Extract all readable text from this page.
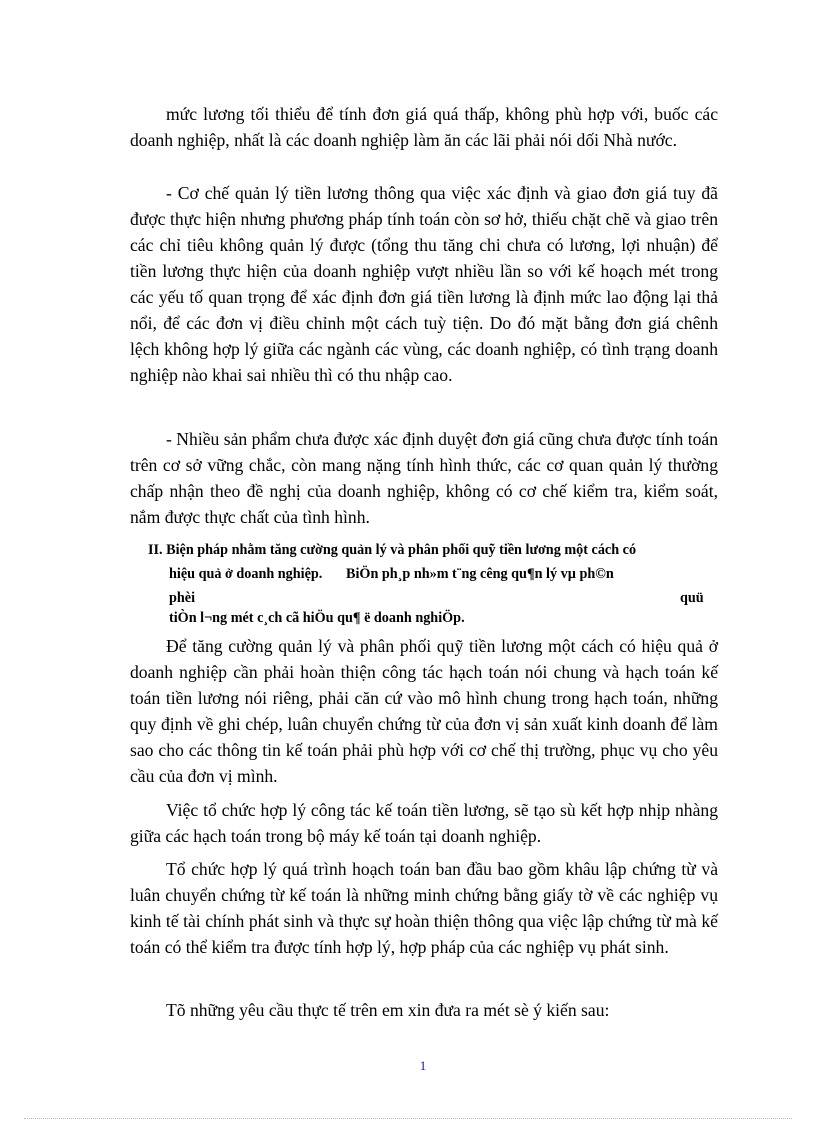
mức lương tối thiểu để tính đơn giá quá thấp, không phù hợp với, buốc các doanh nghiệp, nhất là các doanh nghiệp làm ăn các lãi phải nói dối Nhà nước.

- Cơ chế quản lý tiền lương thông qua việc xác định và giao đơn giá tuy đã được thực hiện nhưng phương pháp tính toán còn sơ hở, thiếu chặt chẽ và giao trên các chỉ tiêu không quản lý được (tổng thu tăng chi chưa có lương, lợi nhuận) để tiền lương thực hiện của doanh nghiệp vượt nhiều lần so với kế hoạch mét trong các yếu tố quan trọng để xác định đơn giá tiền lương là định mức lao động lại thả nổi, để các đơn vị điều chỉnh một cách tuỳ tiện. Do đó mặt bằng đơn giá chênh lệch không hợp lý giữa các ngành các vùng, các doanh nghiệp, có tình trạng doanh nghiệp nào khai sai nhiều thì có thu nhập cao.

- Nhiều sản phẩm chưa được xác định duyệt đơn giá cũng chưa được tính toán trên cơ sở vững chắc, còn mang nặng tính hình thức, các cơ quan quản lý thường chấp nhận theo đề nghị của doanh nghiệp, không có cơ chế kiểm tra, kiểm soát, nắm được thực chất của tình hình.

II. Biện pháp nhằm tăng cường quản lý và phân phối quỹ tiền lương một cách có

hiệu quả ở doanh nghiệp.	BiÖn ph¸p nh»m t¨ng cêng qu¶n lý vµ ph©n

phèi	quü

tiÒn l¬ng mét c¸ch cã hiÖu qu¶ ë doanh nghiÖp.

Để tăng cường quản lý và phân phối quỹ tiền lương một cách có hiệu quả ở doanh nghiệp cần phải hoàn thiện công tác hạch toán nói chung và hạch toán kế toán tiền lương nói riêng, phải căn cứ vào mô hình chung trong hạch toán, những quy định về ghi chép, luân chuyển chứng từ của đơn vị sản xuất kinh doanh để làm sao cho các thông tin kế toán phải phù hợp với cơ chế thị trường, phục vụ cho yêu cầu của đơn vị mình.

Việc tổ chức hợp lý công tác kế toán tiền lương, sẽ tạo sù kết hợp nhịp nhàng giữa các hạch toán trong bộ máy kế toán tại doanh nghiệp.

Tổ chức hợp lý quá trình hoạch toán ban đầu bao gồm khâu lập chứng từ và luân chuyển chứng từ kế toán là những minh chứng bằng giấy tờ về các nghiệp vụ kinh tế tài chính phát sinh và thực sự hoàn thiện thông qua việc lập chứng từ mà kế toán có thể kiểm tra được tính hợp lý, hợp pháp của các nghiệp vụ phát sinh.

Tõ những yêu cầu thực tế trên em xin đưa ra mét sè ý kiến sau:

1
